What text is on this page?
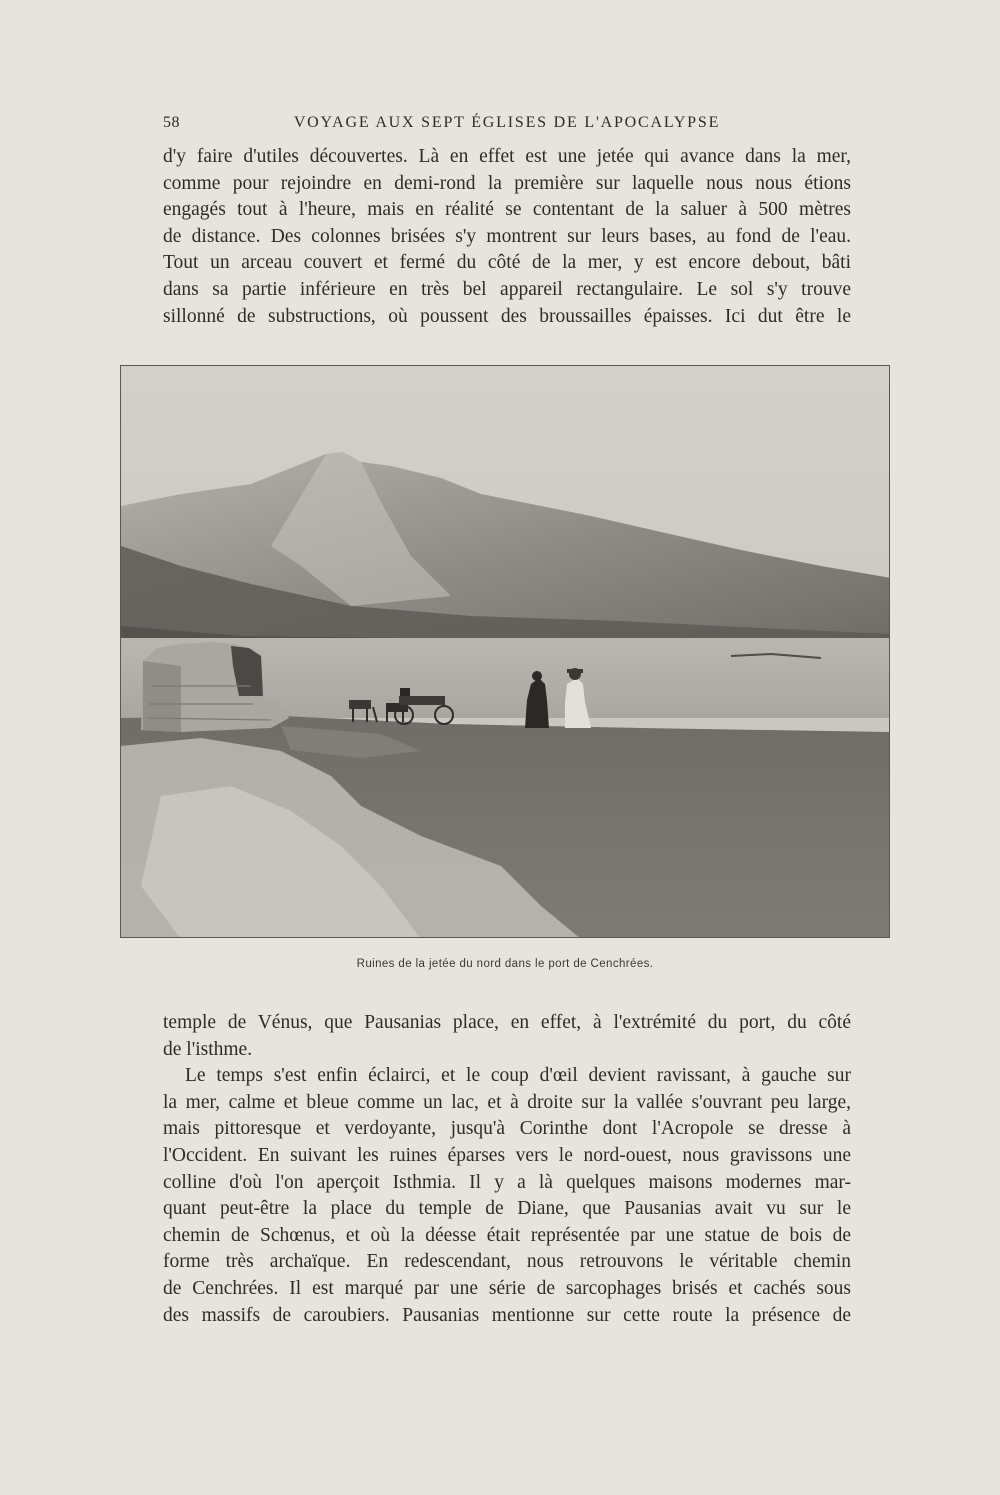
58	VOYAGE AUX SEPT ÉGLISES DE L'APOCALYPSE
d'y faire d'utiles découvertes. Là en effet est une jetée qui avance dans la mer,
comme pour rejoindre en demi-rond la première sur laquelle nous nous étions
engagés tout à l'heure, mais en réalité se contentant de la saluer à 500 mètres
de distance. Des colonnes brisées s'y montrent sur leurs bases, au fond de l'eau.
Tout un arceau couvert et fermé du côté de la mer, y est encore debout, bâti
dans sa partie inférieure en très bel appareil rectangulaire. Le sol s'y trouve
sillonné de substructions, où poussent des broussailles épaisses. Ici dut être le
Ruines de la jetée du nord dans le port de Cenchrées.
temple de Vénus, que Pausanias place, en effet, à l'extrémité du port, du côté
de l'isthme.
Le temps s'est enfin éclairci, et le coup d'œil devient ravissant, à gauche sur
la mer, calme et bleue comme un lac, et à droite sur la vallée s'ouvrant peu large,
mais pittoresque et verdoyante, jusqu'à Corinthe dont l'Acropole se dresse à
l'Occident. En suivant les ruines éparses vers le nord-ouest, nous gravissons une
colline d'où l'on aperçoit Isthmia. Il y a là quelques maisons modernes mar-
quant peut-être la place du temple de Diane, que Pausanias avait vu sur le
chemin de Schœnus, et où la déesse était représentée par une statue de bois de
forme très archaïque. En redescendant, nous retrouvons le véritable chemin
de Cenchrées. Il est marqué par une série de sarcophages brisés et cachés sous
des massifs de caroubiers. Pausanias mentionne sur cette route la présence de
